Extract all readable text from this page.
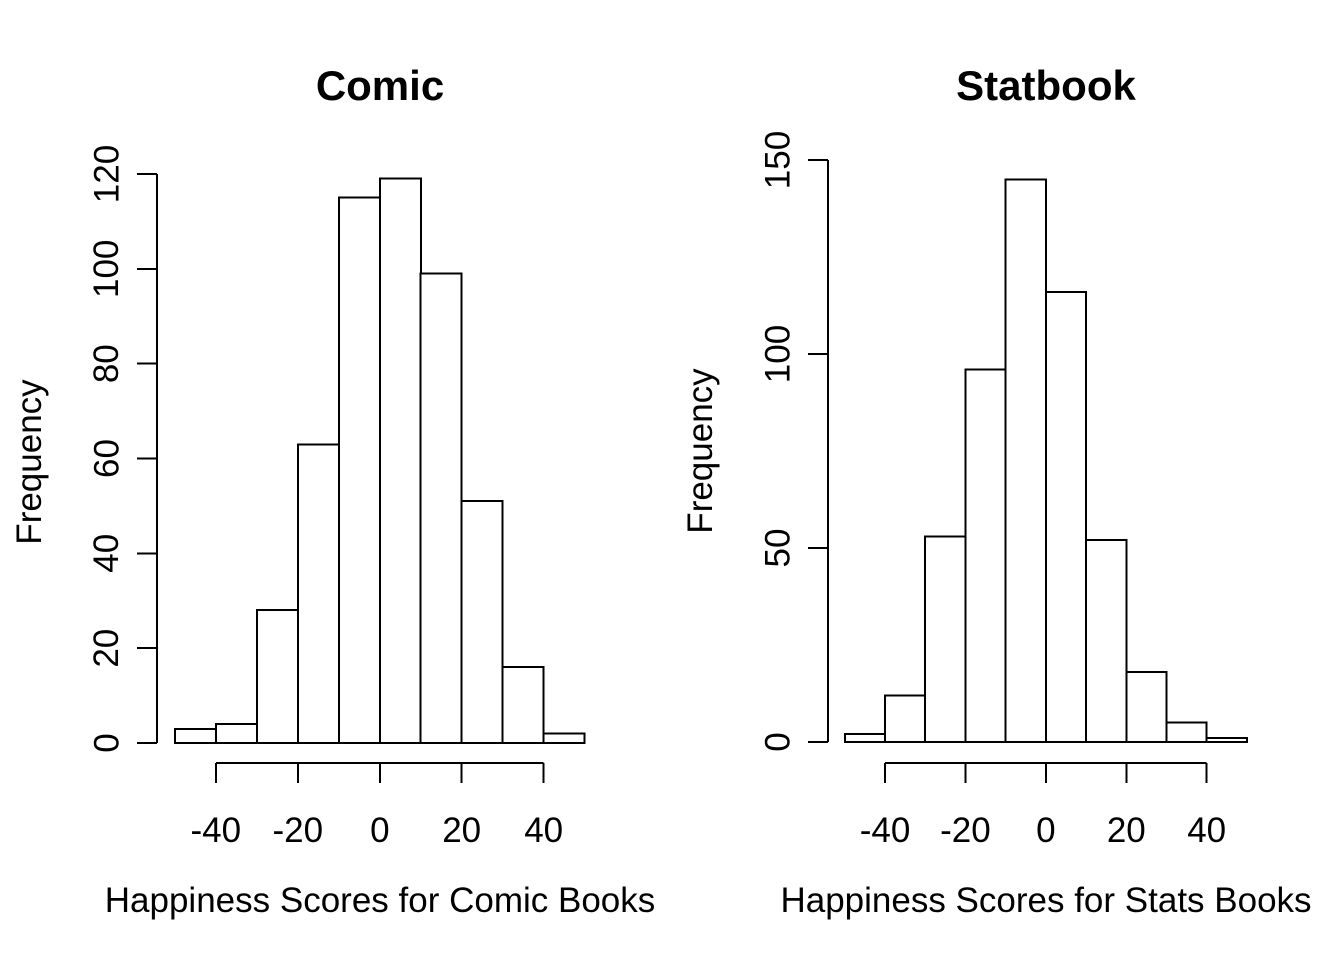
0
20
40
60
80
100
120
-40 -20 0 20 40
0
50
100
150
-40 -20 0 20 40
Comic	Statbook
Happiness Scores for Comic Books	Happiness Scores for Stats Books
Frequency	Frequency
